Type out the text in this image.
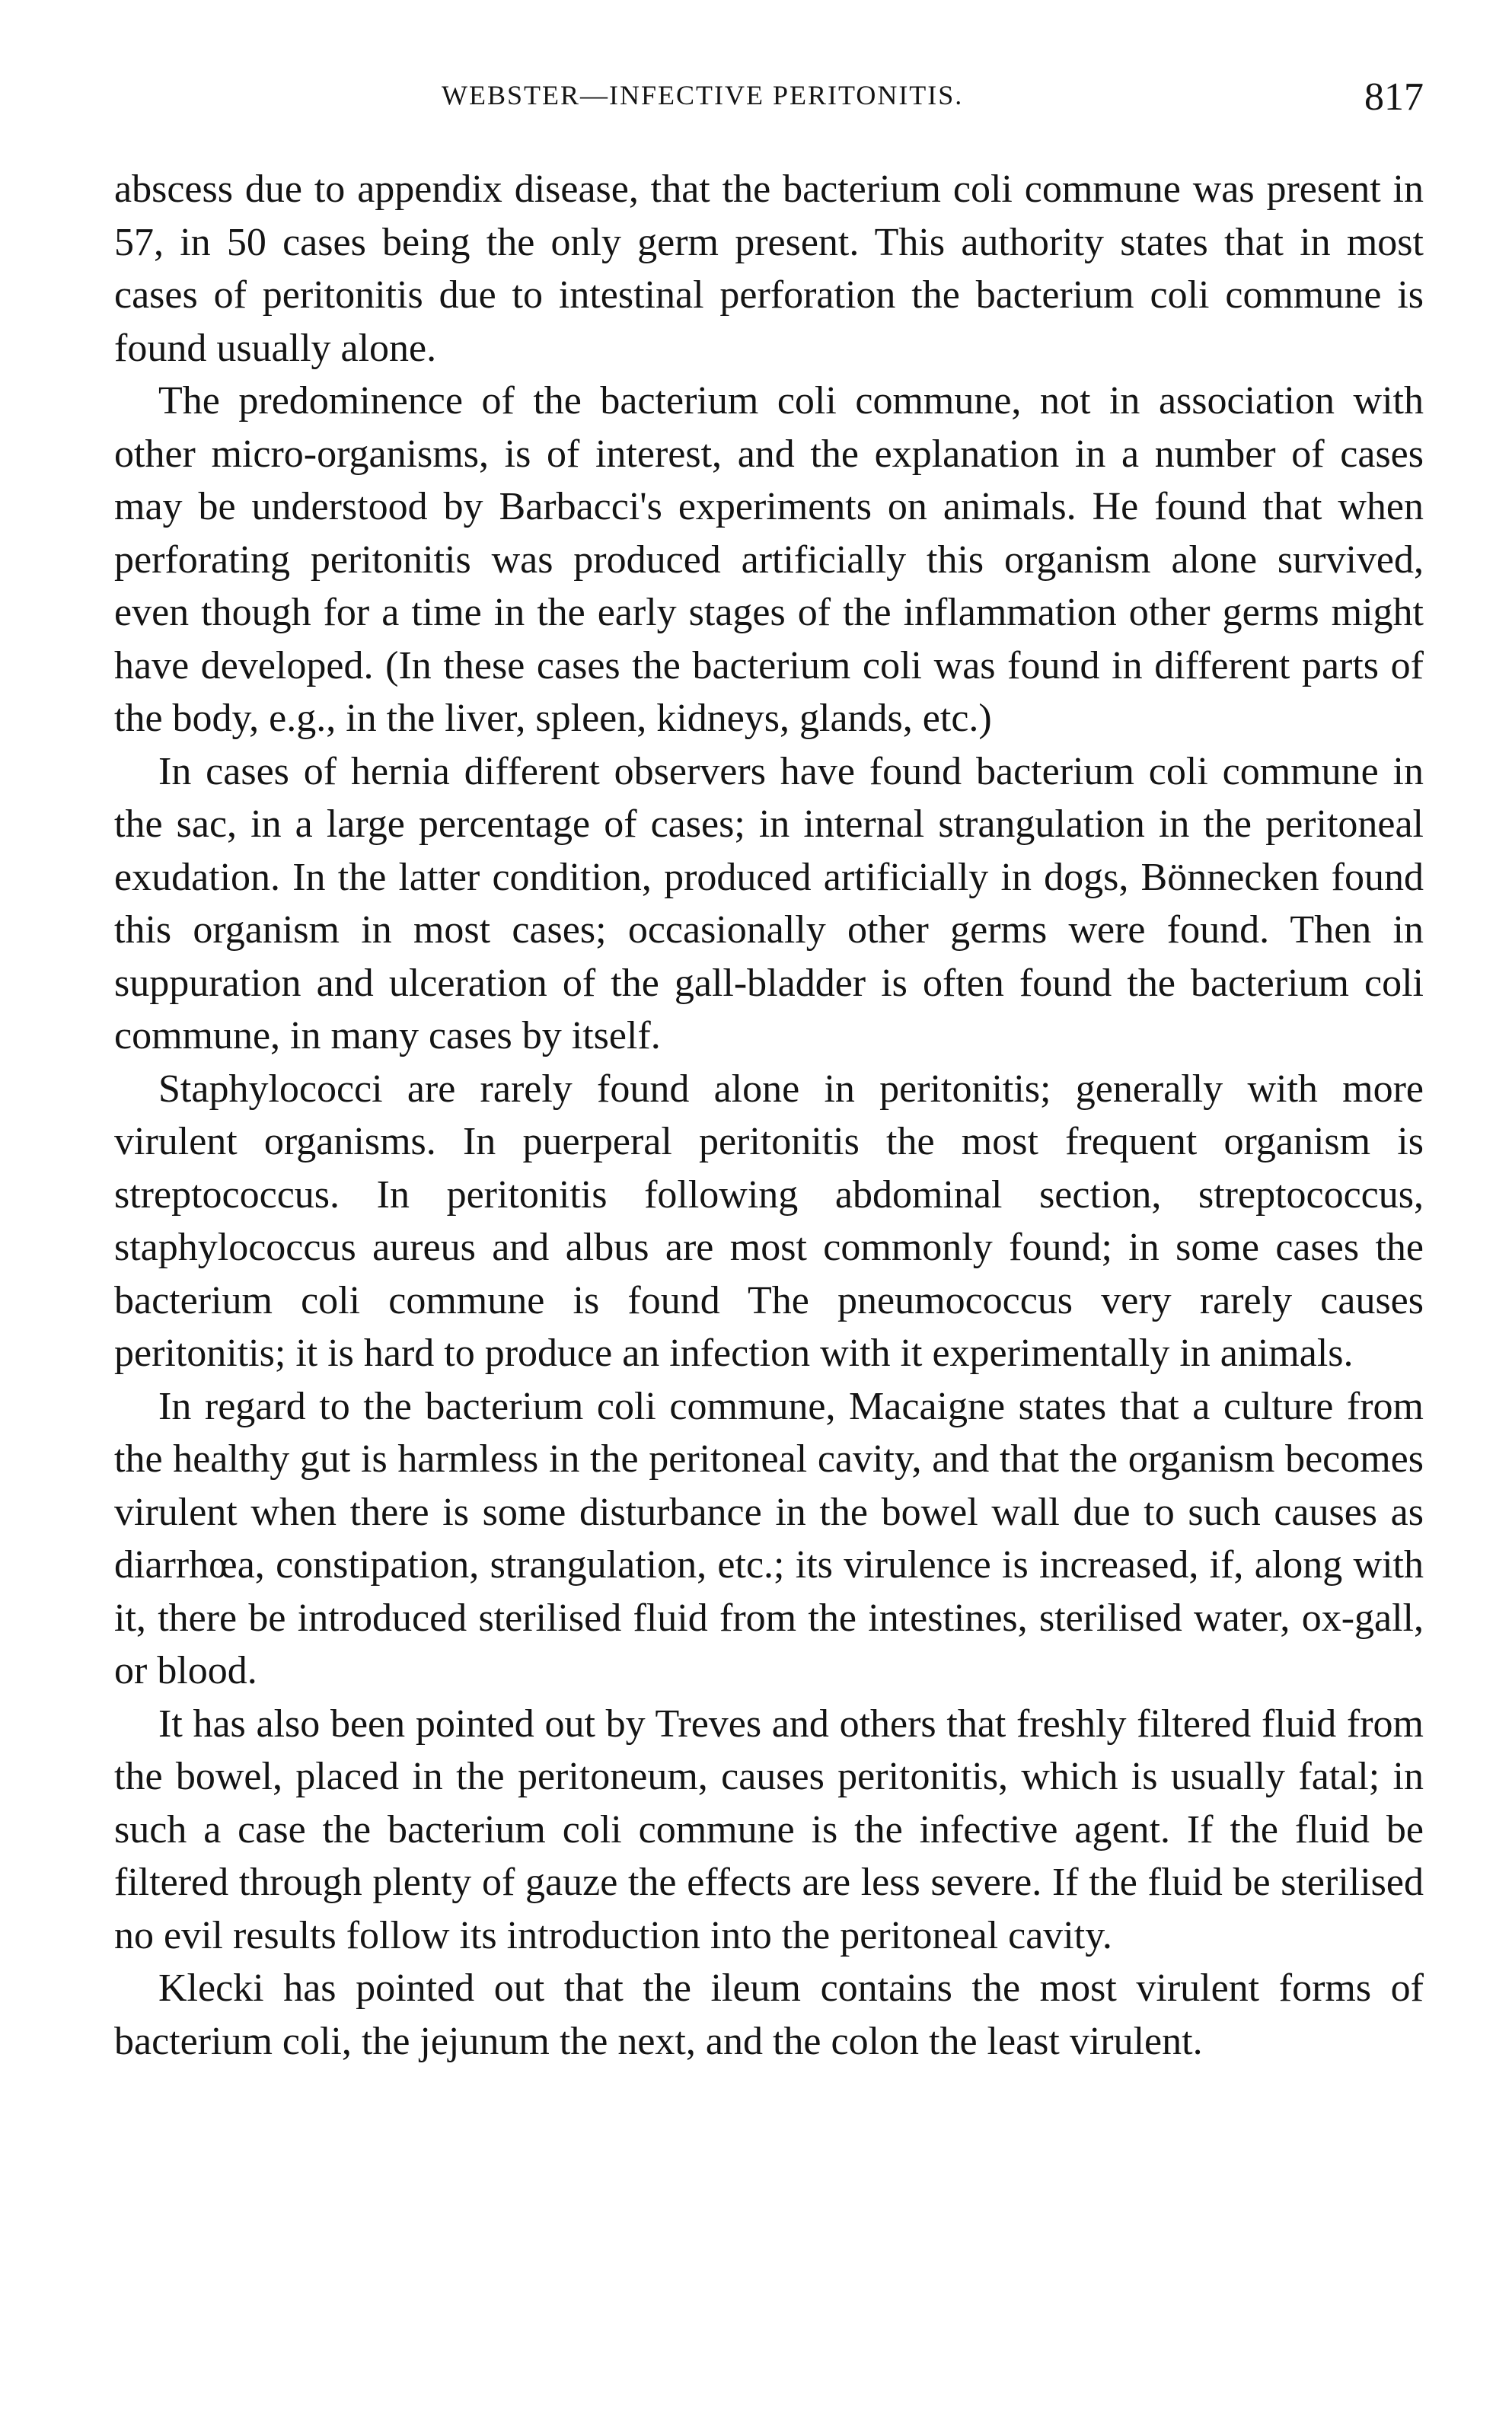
WEBSTER—INFECTIVE PERITONITIS.	817

abscess due to appendix disease, that the bacterium coli commune was present in 57, in 50 cases being the only germ present. This authority states that in most cases of peritonitis due to intestinal perforation the bacterium coli commune is found usually alone.

The predominence of the bacterium coli commune, not in association with other micro-organisms, is of interest, and the explanation in a number of cases may be understood by Barbacci's experiments on animals. He found that when perforating peritonitis was produced artificially this organism alone survived, even though for a time in the early stages of the inflammation other germs might have developed. (In these cases the bacterium coli was found in different parts of the body, e.g., in the liver, spleen, kidneys, glands, etc.)

In cases of hernia different observers have found bacterium coli commune in the sac, in a large percentage of cases; in internal strangulation in the peritoneal exudation. In the latter condition, produced artificially in dogs, Bönnecken found this organism in most cases; occasionally other germs were found. Then in suppuration and ulceration of the gall-bladder is often found the bacterium coli commune, in many cases by itself.

Staphylococci are rarely found alone in peritonitis; generally with more virulent organisms. In puerperal peritonitis the most frequent organism is streptococcus. In peritonitis following abdominal section, streptococcus, staphylococcus aureus and albus are most commonly found; in some cases the bacterium coli commune is found The pneumococcus very rarely causes peritonitis; it is hard to produce an infection with it experimentally in animals.

In regard to the bacterium coli commune, Macaigne states that a culture from the healthy gut is harmless in the peritoneal cavity, and that the organism becomes virulent when there is some disturbance in the bowel wall due to such causes as diarrhœa, constipation, strangulation, etc.; its virulence is increased, if, along with it, there be introduced sterilised fluid from the intestines, sterilised water, ox-gall, or blood.

It has also been pointed out by Treves and others that freshly filtered fluid from the bowel, placed in the peritoneum, causes peritonitis, which is usually fatal; in such a case the bacterium coli commune is the infective agent. If the fluid be filtered through plenty of gauze the effects are less severe. If the fluid be sterilised no evil results follow its introduction into the peritoneal cavity.

Klecki has pointed out that the ileum contains the most virulent forms of bacterium coli, the jejunum the next, and the colon the least virulent.
